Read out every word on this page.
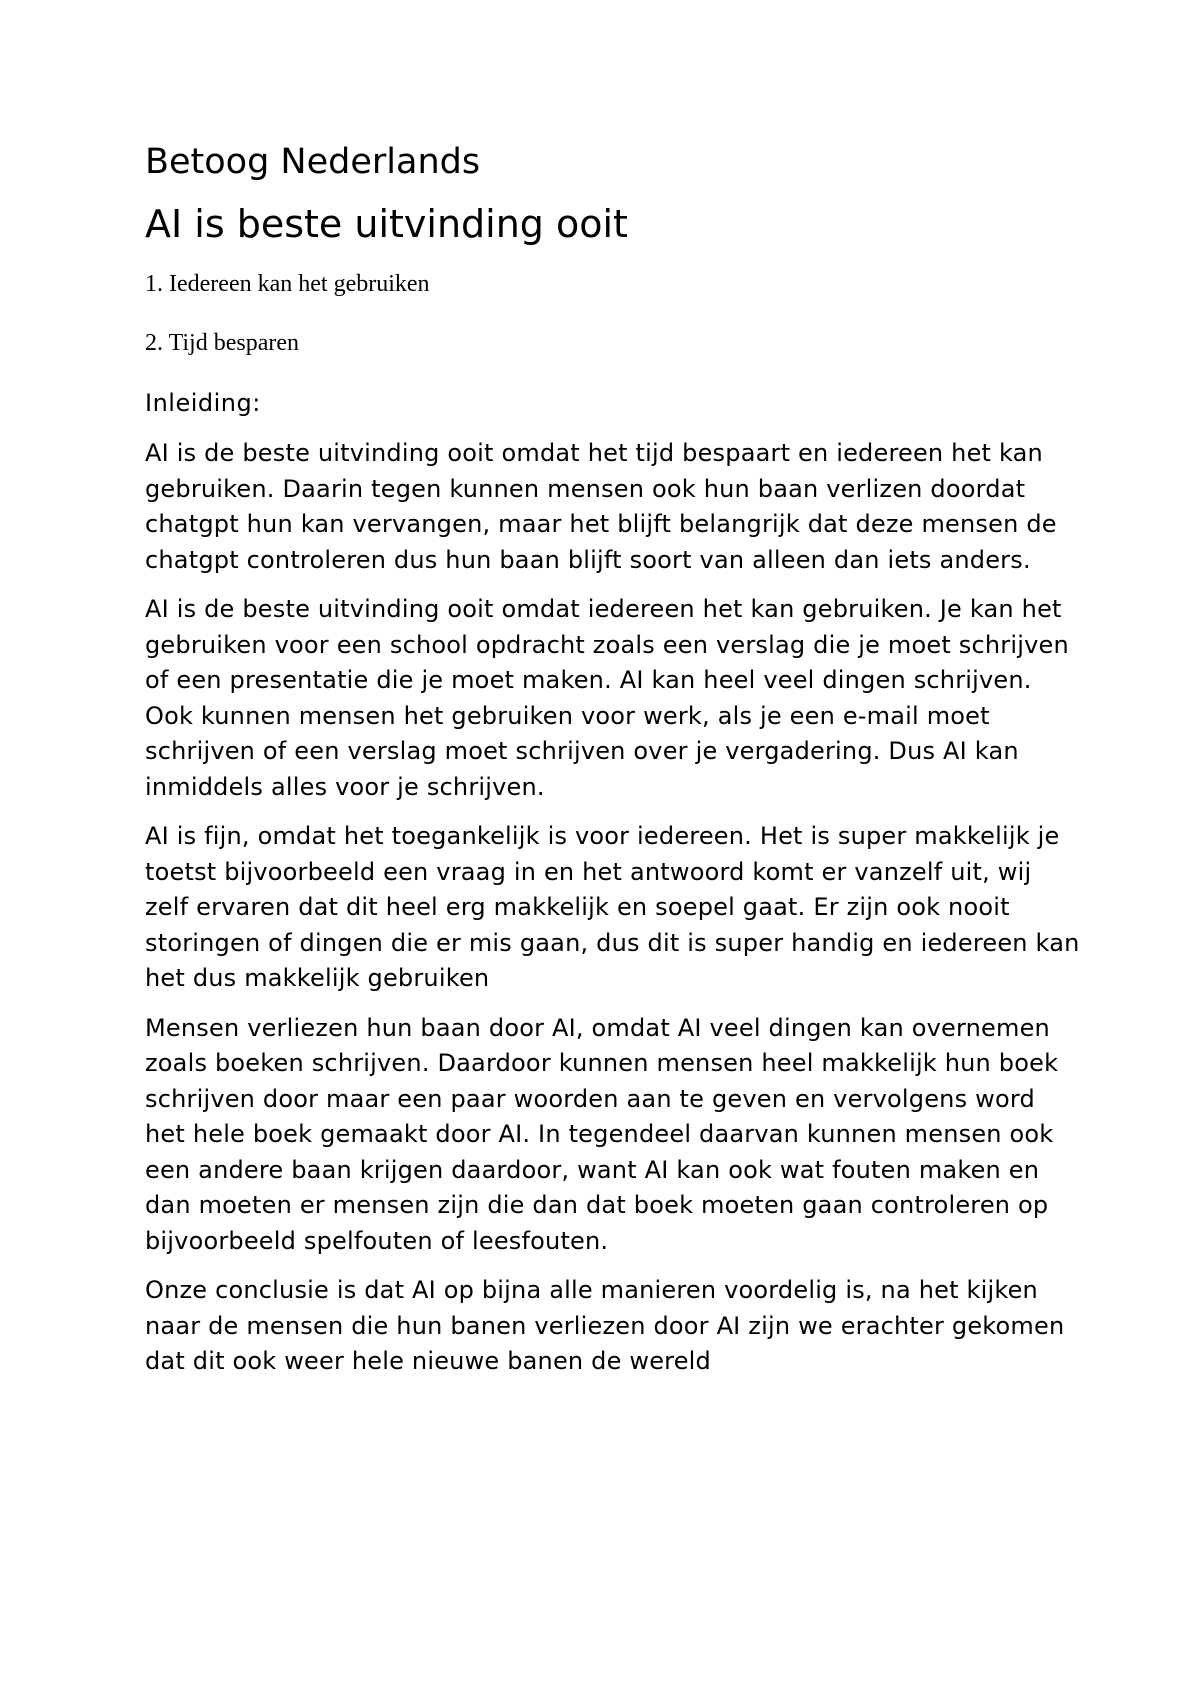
Betoog Nederlands
AI is beste uitvinding ooit
1. Iedereen kan het gebruiken
2. Tijd besparen
Inleiding:

AI is de beste uitvinding ooit omdat het tijd bespaart en iedereen het kan gebruiken. Daarin tegen kunnen mensen ook hun baan verlizen doordat chatgpt hun kan vervangen, maar het blijft belangrijk dat deze mensen de chatgpt controleren dus hun baan blijft soort van alleen dan iets anders.

AI is de beste uitvinding ooit omdat iedereen het kan gebruiken. Je kan het gebruiken voor een school opdracht zoals een verslag die je moet schrijven of een presentatie die je moet maken. AI kan heel veel dingen schrijven. Ook kunnen mensen het gebruiken voor werk, als je een e-mail moet schrijven of een verslag moet schrijven over je vergadering. Dus AI kan inmiddels alles voor je schrijven.

AI is fijn, omdat het toegankelijk is voor iedereen. Het is super makkelijk je toetst bijvoorbeeld een vraag in en het antwoord komt er vanzelf uit, wij zelf ervaren dat dit heel erg makkelijk en soepel gaat. Er zijn ook nooit storingen of dingen die er mis gaan, dus dit is super handig en iedereen kan het dus makkelijk gebruiken

Mensen verliezen hun baan door AI, omdat AI veel dingen kan overnemen zoals boeken schrijven. Daardoor kunnen mensen heel makkelijk hun boek schrijven door maar een paar woorden aan te geven en vervolgens word het hele boek gemaakt door AI. In tegendeel daarvan kunnen mensen ook een andere baan krijgen daardoor, want AI kan ook wat fouten maken en dan moeten er mensen zijn die dan dat boek moeten gaan controleren op bijvoorbeeld spelfouten of leesfouten.

Onze conclusie is dat AI op bijna alle manieren voordelig is, na het kijken naar de mensen die hun banen verliezen door AI zijn we erachter gekomen dat dit ook weer hele nieuwe banen de wereld
